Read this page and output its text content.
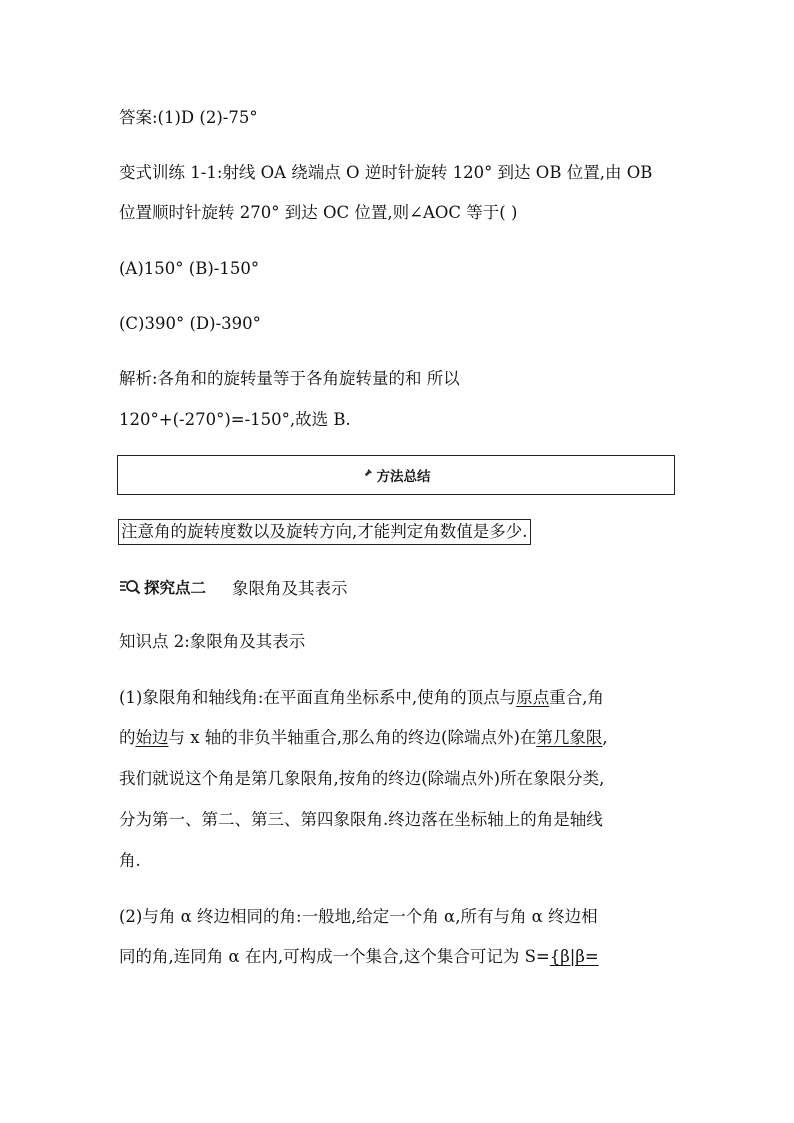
答案:(1)D (2)-75°
变式训练 1-1:射线 OA 绕端点 O 逆时针旋转 120° 到达 OB 位置,由 OB
位置顺时针旋转 270° 到达 OC 位置,则∠AOC 等于( )
(A)150° (B)-150°
(C)390° (D)-390°
解析:各角和的旋转量等于各角旋转量的和 所以
120°+(-270°)=-150°,故选 B.
方法总结
注意角的旋转度数以及旋转方向,才能判定角数值是多少.
探究点二 象限角及其表示
知识点 2:象限角及其表示
(1)象限角和轴线角:在平面直角坐标系中,使角的顶点与原点重合,角
的始边与 x 轴的非负半轴重合,那么角的终边(除端点外)在第几象限,
我们就说这个角是第几象限角,按角的终边(除端点外)所在象限分类,
分为第一、第二、第三、第四象限角.终边落在坐标轴上的角是轴线
角.
(2)与角 α 终边相同的角:一般地,给定一个角 α,所有与角 α 终边相
同的角,连同角 α 在内,可构成一个集合,这个集合可记为 S={β|β=
